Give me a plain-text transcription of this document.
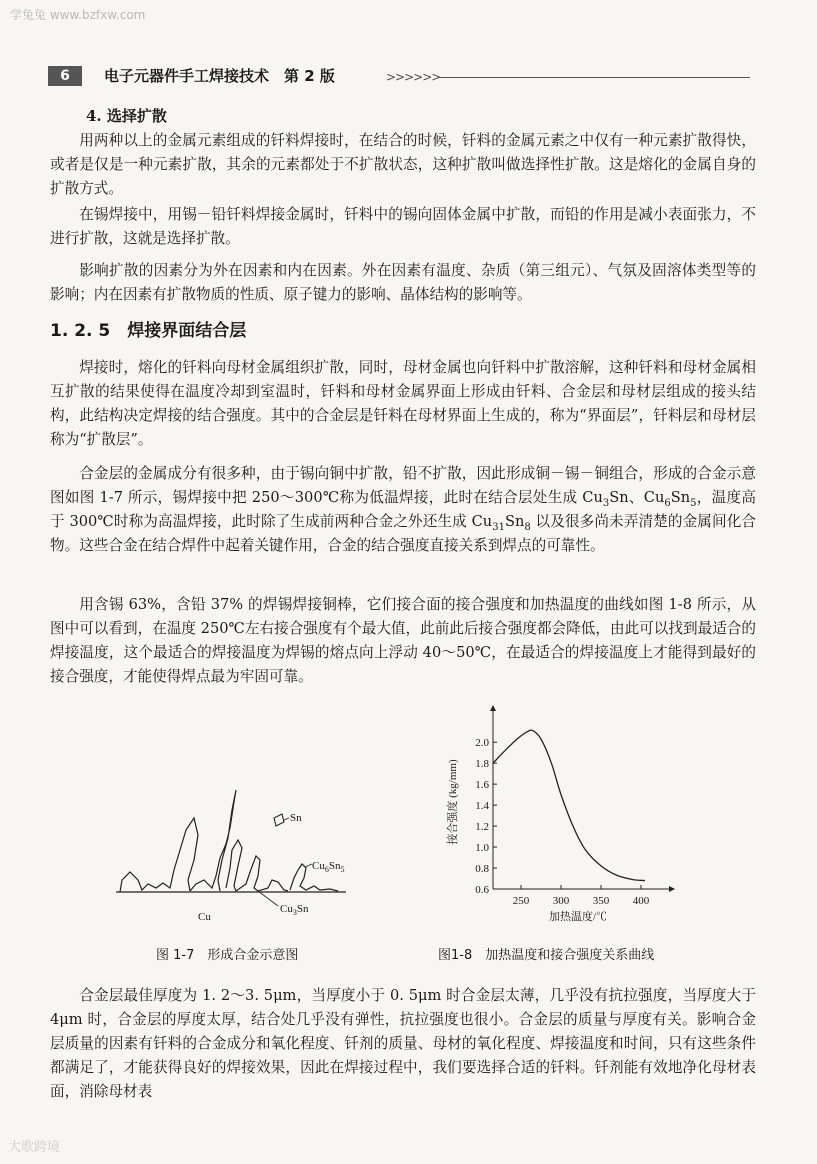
学兔兔 www.bzfxw.com
6	电子元器件手工焊接技术　第 2 版	>>>>>>
4. 选择扩散
用两种以上的金属元素组成的钎料焊接时，在结合的时候，钎料的金属元素之中仅有一种元素扩散得快，或者是仅是一种元素扩散，其余的元素都处于不扩散状态，这种扩散叫做选择性扩散。这是熔化的金属自身的扩散方式。
在锡焊接中，用锡－铅钎料焊接金属时，钎料中的锡向固体金属中扩散，而铅的作用是减小表面张力，不进行扩散，这就是选择扩散。
影响扩散的因素分为外在因素和内在因素。外在因素有温度、杂质（第三组元）、气氛及固溶体类型等的影响；内在因素有扩散物质的性质、原子键力的影响、晶体结构的影响等。
1. 2. 5　焊接界面结合层
焊接时，熔化的钎料向母材金属组织扩散，同时，母材金属也向钎料中扩散溶解，这种钎料和母材金属相互扩散的结果使得在温度冷却到室温时，钎料和母材金属界面上形成由钎料、合金层和母材层组成的接头结构，此结构决定焊接的结合强度。其中的合金层是钎料在母材界面上生成的，称为“界面层”，钎料层和母材层称为“扩散层”。
合金层的金属成分有很多种，由于锡向铜中扩散，铅不扩散，因此形成铜－锡－铜组合，形成的合金示意图如图 1-7 所示，锡焊接中把 250～300℃称为低温焊接，此时在结合层处生成 $Cu_3Sn$、$Cu_6Sn_5$，温度高于 300℃时称为高温焊接，此时除了生成前两种合金之外还生成 $Cu_{31}Sn_8$ 以及很多尚未弄清楚的金属间化合物。这些合金在结合焊件中起着关键作用，合金的结合强度直接关系到焊点的可靠性。
用含锡 63%，含铅 37% 的焊锡焊接铜棒，它们接合面的接合强度和加热温度的曲线如图 1-8 所示，从图中可以看到，在温度 250℃左右接合强度有个最大值，此前此后接合强度都会降低，由此可以找到最适合的焊接温度，这个最适合的焊接温度为焊锡的熔点向上浮动 40～50℃，在最适合的焊接温度上才能得到最好的接合强度，才能使得焊点最为牢固可靠。
Sn
$Cu_6Sn_5$
$Cu_3Sn$
Cu
图 1-7　形成合金示意图
0.6
0.8
1.0
1.2
1.4
1.6
1.8
2.0
250 300 350 400
接合强度 (kg/mm)
加热温度/℃
图1-8　加热温度和接合强度关系曲线
合金层最佳厚度为 1. 2～3. 5μm，当厚度小于 0. 5μm 时合金层太薄，几乎没有抗拉强度，当厚度大于 4μm 时，合金层的厚度太厚，结合处几乎没有弹性，抗拉强度也很小。合金层的质量与厚度有关。影响合金层质量的因素有钎料的合金成分和氧化程度、钎剂的质量、母材的氧化程度、焊接温度和时间，只有这些条件都满足了，才能获得良好的焊接效果，因此在焊接过程中，我们要选择合适的钎料。钎剂能有效地净化母材表面，消除母材表
大歌跨境
